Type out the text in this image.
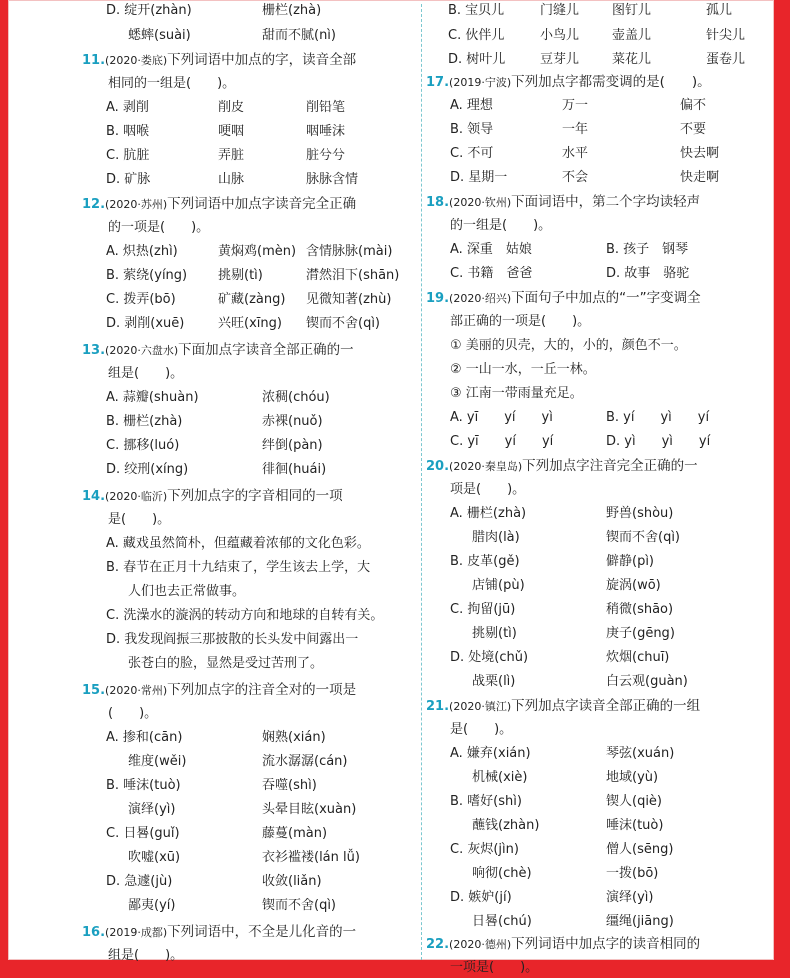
D. 绽开(zhàn)	栅栏(zhà)
蟋蟀(suài)	甜而不腻(nì)
11.(2020·娄底)下列词语中加点的字，读音全部
相同的一组是(　　)。
A. 剥削	削皮	削铅笔
B. 咽喉	哽咽	咽唾沫
C. 肮脏	弄脏	脏兮兮
D. 矿脉	山脉	脉脉含情
12.(2020·苏州)下列词语中加点字读音完全正确
的一项是(　　)。
A. 炽热(zhì)	黄焖鸡(mèn) 含情脉脉(mài)
B. 萦绕(yíng) 挑剔(tì)	潸然泪下(shān)
C. 拨弄(bō)	矿藏(zàng) 见微知著(zhù)
D. 剥削(xuē)	兴旺(xīng) 锲而不舍(qì)
13.(2020·六盘水)下面加点字读音全部正确的一
组是(　　)。
A. 蒜瓣(shuàn)	浓稠(chóu)
B. 栅栏(zhà)	赤裸(nuǒ)
C. 挪移(luó)	绊倒(pàn)
D. 绞刑(xíng)	徘徊(huái)
14.(2020·临沂)下列加点字的字音相同的一项
是(　　)。
A. 藏戏虽然简朴，但蕴藏着浓郁的文化色彩。
B. 春节在正月十九结束了，学生该去上学，大
人们也去正常做事。
C. 洗澡水的漩涡的转动方向和地球的自转有关。
D. 我发现阎振三那披散的长头发中间露出一
张苍白的脸，显然是受过苦刑了。
15.(2020·常州)下列加点字的注音全对的一项是
(　　)。
A. 掺和(cān)	娴熟(xián)
维度(wěi)	流水潺潺(cán)
B. 唾沫(tuò)	吞噬(shì)
演绎(yì)	头晕目眩(xuàn)
C. 日晷(guǐ)	藤蔓(màn)
吹嘘(xū)	衣衫褴褛(lán lǚ)
D. 急遽(jù)	收敛(liǎn)
鄙夷(yí)	锲而不舍(qì)
16.(2019·成都)下列词语中，不全是儿化音的一
组是(　　)。
B. 宝贝儿	门缝儿	图钉儿	孤儿
C. 伙伴儿	小鸟儿	壶盖儿	针尖儿
D. 树叶儿	豆芽儿	菜花儿	蛋卷儿
17.(2019·宁波)下列加点字都需变调的是(　　)。
A. 理想	万一	偏不
B. 领导	一年	不要
C. 不可	水平	快去啊
D. 星期一	不会	快走啊
18.(2020·钦州)下面词语中，第二个字均读轻声
的一组是(　　)。
A. 深重　姑娘	B. 孩子　钢琴
C. 书籍　爸爸	D. 故事　骆驼
19.(2020·绍兴)下面句子中加点的“一”字变调全
部正确的一项是(　　)。
① 美丽的贝壳，大的，小的，颜色不一。
② 一山一水，一丘一林。
③ 江南一带雨量充足。
A. yī　　yí　　yì	B. yí　　yì　　yí
C. yī　　yí　　yí	D. yì　　yì　　yí
20.(2020·秦皇岛)下列加点字注音完全正确的一
项是(　　)。
A. 栅栏(zhà)	野兽(shòu)
腊肉(là)	锲而不舍(qì)
B. 皮革(gě)	僻静(pì)
店铺(pù)	旋涡(wō)
C. 拘留(jū)	稍微(shāo)
挑剔(tì)	庚子(gēng)
D. 处境(chǔ)	炊烟(chuī)
战栗(lì)	白云观(guàn)
21.(2020·镇江)下列加点字读音全部正确的一组
是(　　)。
A. 嫌弃(xián)	琴弦(xuán)
机械(xiè)	地域(yù)
B. 嗜好(shì)	锲人(qiè)
蘸钱(zhàn)	唾沫(tuò)
C. 灰烬(jìn)	僧人(sēng)
响彻(chè)	一拨(bō)
D. 嫉妒(jí)	演绎(yì)
日晷(chú)	缰绳(jiāng)
22.(2020·德州)下列词语中加点字的读音相同的
一项是(　　)。
